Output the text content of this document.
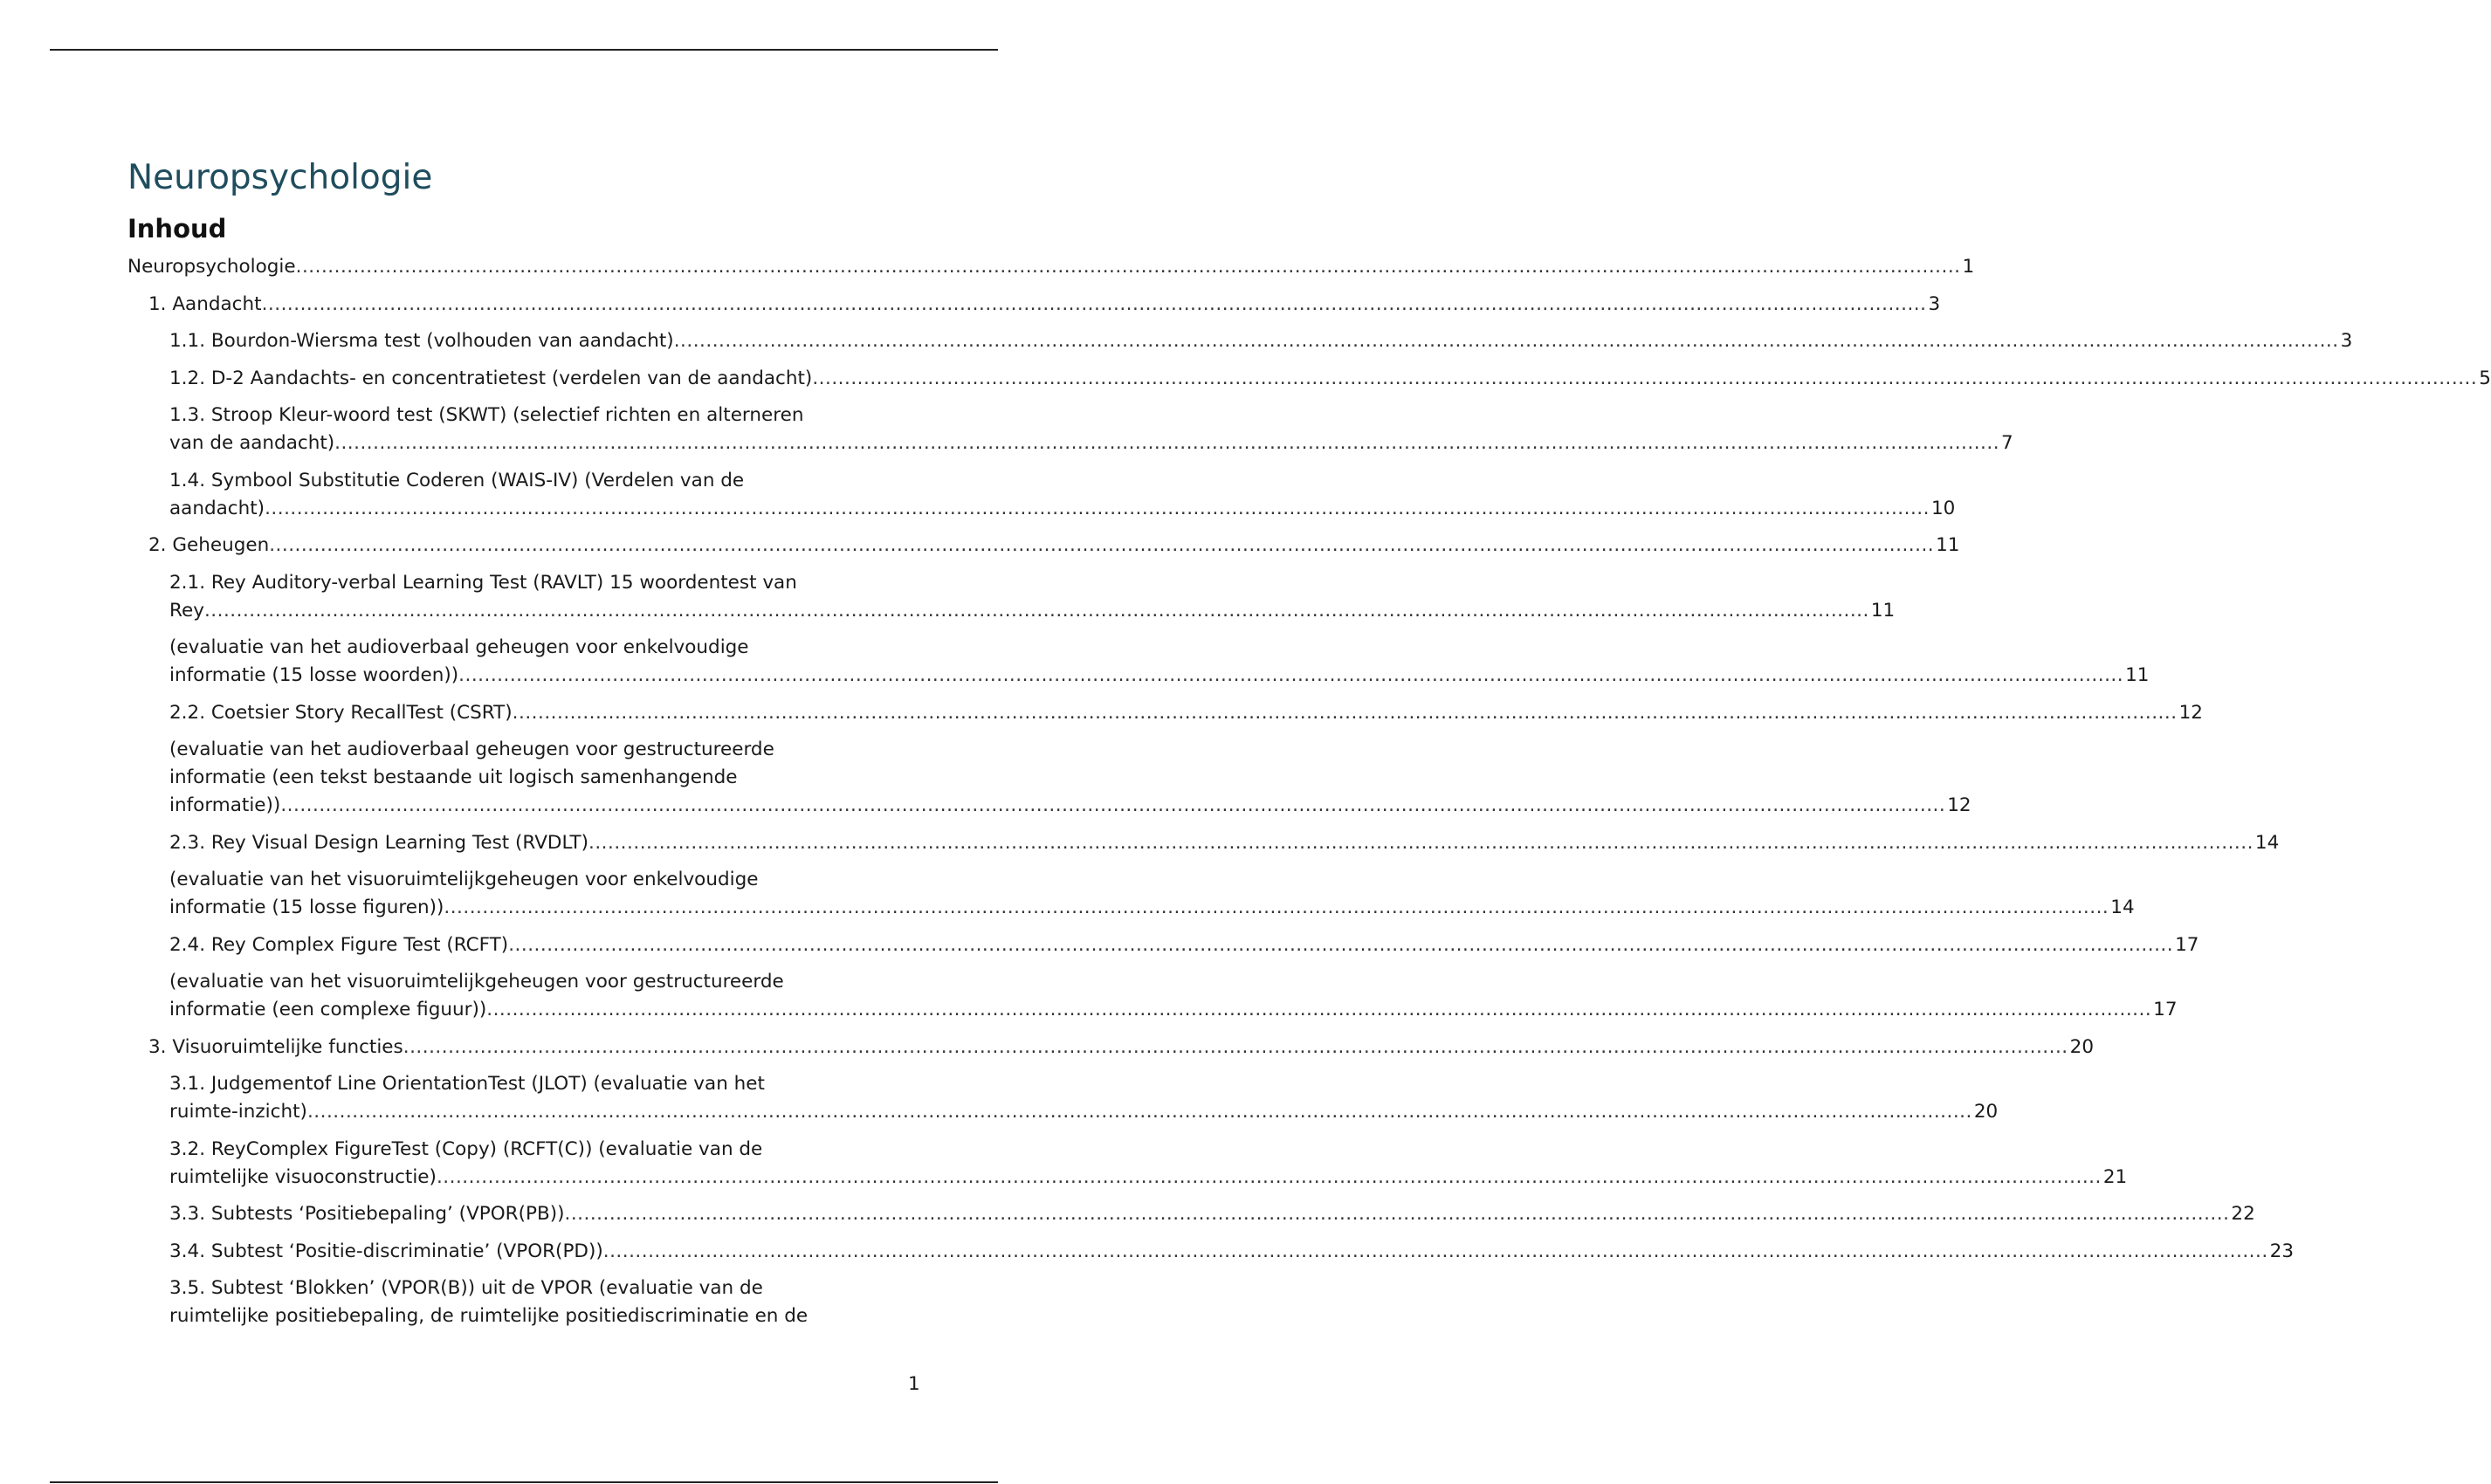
Neuropsychologie
Inhoud
Neuropsychologie .................................................................................................................................................................................................................................................................... 1
1. Aandacht .................................................................................................................................................................................................................................................................... 3
1.1. Bourdon-Wiersma test (volhouden van aandacht) .................................................................................................................................................................................................................................................................... 3
1.2. D-2 Aandachts- en concentratietest (verdelen van de aandacht) .................................................................................................................................................................................................................................................................... 5
1.3. Stroop Kleur-woord test (SKWT) (selectief richten en alterneren
van de aandacht) .................................................................................................................................................................................................................................................................... 7
1.4. Symbool Substitutie Coderen (WAIS-IV) (Verdelen van de
aandacht) .................................................................................................................................................................................................................................................................... 10
2. Geheugen .................................................................................................................................................................................................................................................................... 11
2.1. Rey Auditory-verbal Learning Test (RAVLT) 15 woordentest van
Rey .................................................................................................................................................................................................................................................................... 11
(evaluatie van het audioverbaal geheugen voor enkelvoudige
informatie (15 losse woorden)) .................................................................................................................................................................................................................................................................... 11
2.2. Coetsier Story RecallTest (CSRT) .................................................................................................................................................................................................................................................................... 12
(evaluatie van het audioverbaal geheugen voor gestructureerde
informatie (een tekst bestaande uit logisch samenhangende
informatie)) .................................................................................................................................................................................................................................................................... 12
2.3. Rey Visual Design Learning Test (RVDLT) .................................................................................................................................................................................................................................................................... 14
(evaluatie van het visuoruimtelijkgeheugen voor enkelvoudige
informatie (15 losse figuren)) .................................................................................................................................................................................................................................................................... 14
2.4. Rey Complex Figure Test (RCFT) .................................................................................................................................................................................................................................................................... 17
(evaluatie van het visuoruimtelijkgeheugen voor gestructureerde
informatie (een complexe figuur)) .................................................................................................................................................................................................................................................................... 17
3. Visuoruimtelijke functies .................................................................................................................................................................................................................................................................... 20
3.1. Judgementof Line OrientationTest (JLOT) (evaluatie van het
ruimte-inzicht) .................................................................................................................................................................................................................................................................... 20
3.2. ReyComplex FigureTest (Copy) (RCFT(C)) (evaluatie van de
ruimtelijke visuoconstructie) .................................................................................................................................................................................................................................................................... 21
3.3. Subtests ‘Positiebepaling’ (VPOR(PB)) .................................................................................................................................................................................................................................................................... 22
3.4. Subtest ‘Positie-discriminatie’ (VPOR(PD)) .................................................................................................................................................................................................................................................................... 23
3.5. Subtest ‘Blokken’ (VPOR(B)) uit de VPOR (evaluatie van de
ruimtelijke positiebepaling, de ruimtelijke positiediscriminatie en de
1
